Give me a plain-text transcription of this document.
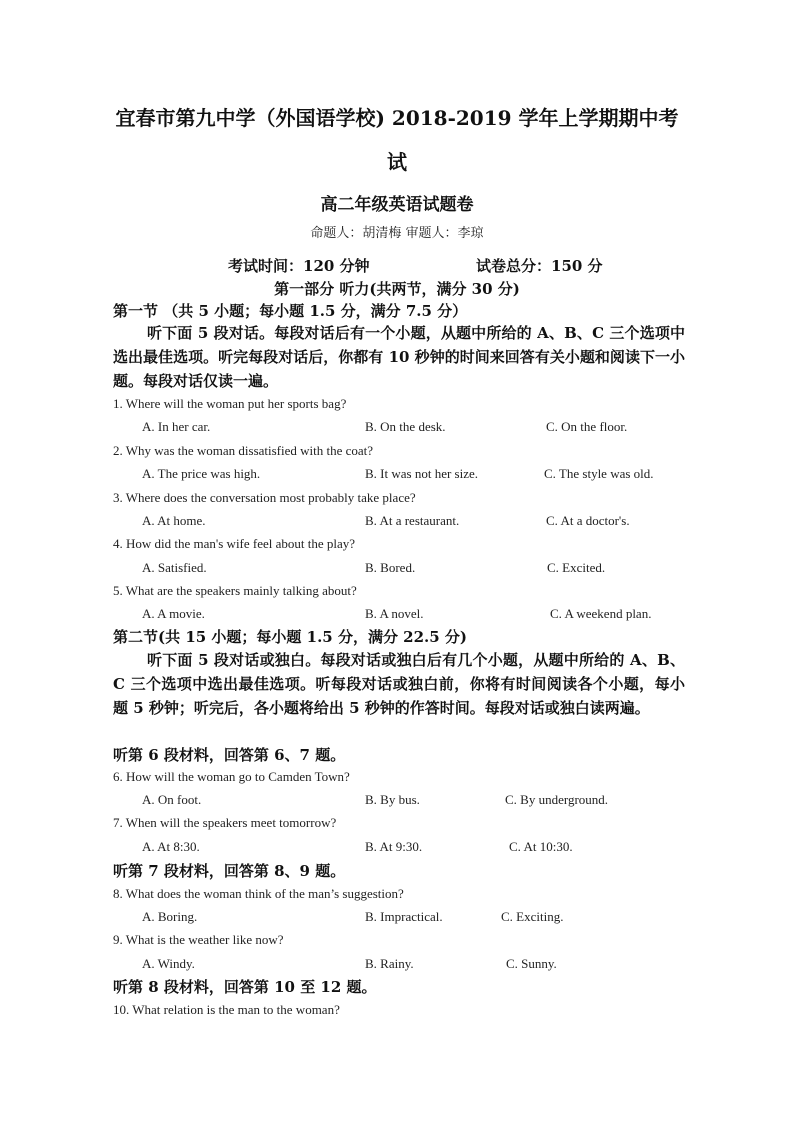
宜春市第九中学（外国语学校) 2018-2019 学年上学期期中考
试
高二年级英语试题卷
命题人：胡清梅 审题人：李琼
考试时间：120 分钟	试卷总分：150 分
第一部分 听力(共两节，满分 30 分)
第一节 （共 5 小题；每小题 1.5 分，满分 7.5 分）
听下面 5 段对话。每段对话后有一个小题，从题中所给的 A、B、C 三个选项中选出最佳选项。听完每段对话后，你都有 10 秒钟的时间来回答有关小题和阅读下一小题。每段对话仅读一遍。
1. Where will the woman put her sports bag?
A. In her car.	B. On the desk.	C. On the floor.
2. Why was the woman dissatisfied with the coat?
A. The price was high.	B. It was not her size.	C. The style was old.
3. Where does the conversation most probably take place?
A. At home.	B. At a restaurant.	C. At a doctor's.
4. How did the man's wife feel about the play?
A. Satisfied.	B. Bored.	C. Excited.
5. What are the speakers mainly talking about?
A. A movie.	B. A novel.	C. A weekend plan.
第二节(共 15 小题；每小题 1.5 分，满分 22.5 分)
听下面 5 段对话或独白。每段对话或独白后有几个小题，从题中所给的 A、B、C 三个选项中选出最佳选项。听每段对话或独白前，你将有时间阅读各个小题，每小题 5 秒钟；听完后，各小题将给出 5 秒钟的作答时间。每段对话或独白读两遍。
听第 6 段材料，回答第 6、7 题。
6. How will the woman go to Camden Town?
A. On foot.	B. By bus.	C. By underground.
7. When will the speakers meet tomorrow?
A. At 8:30.	B. At 9:30.	C. At 10:30.
听第 7 段材料，回答第 8、9 题。
8. What does the woman think of the man’s suggestion?
A. Boring.	B. Impractical.	C. Exciting.
9. What is the weather like now?
A. Windy.	B. Rainy.	C. Sunny.
听第 8 段材料，回答第 10 至 12 题。
10. What relation is the man to the woman?
